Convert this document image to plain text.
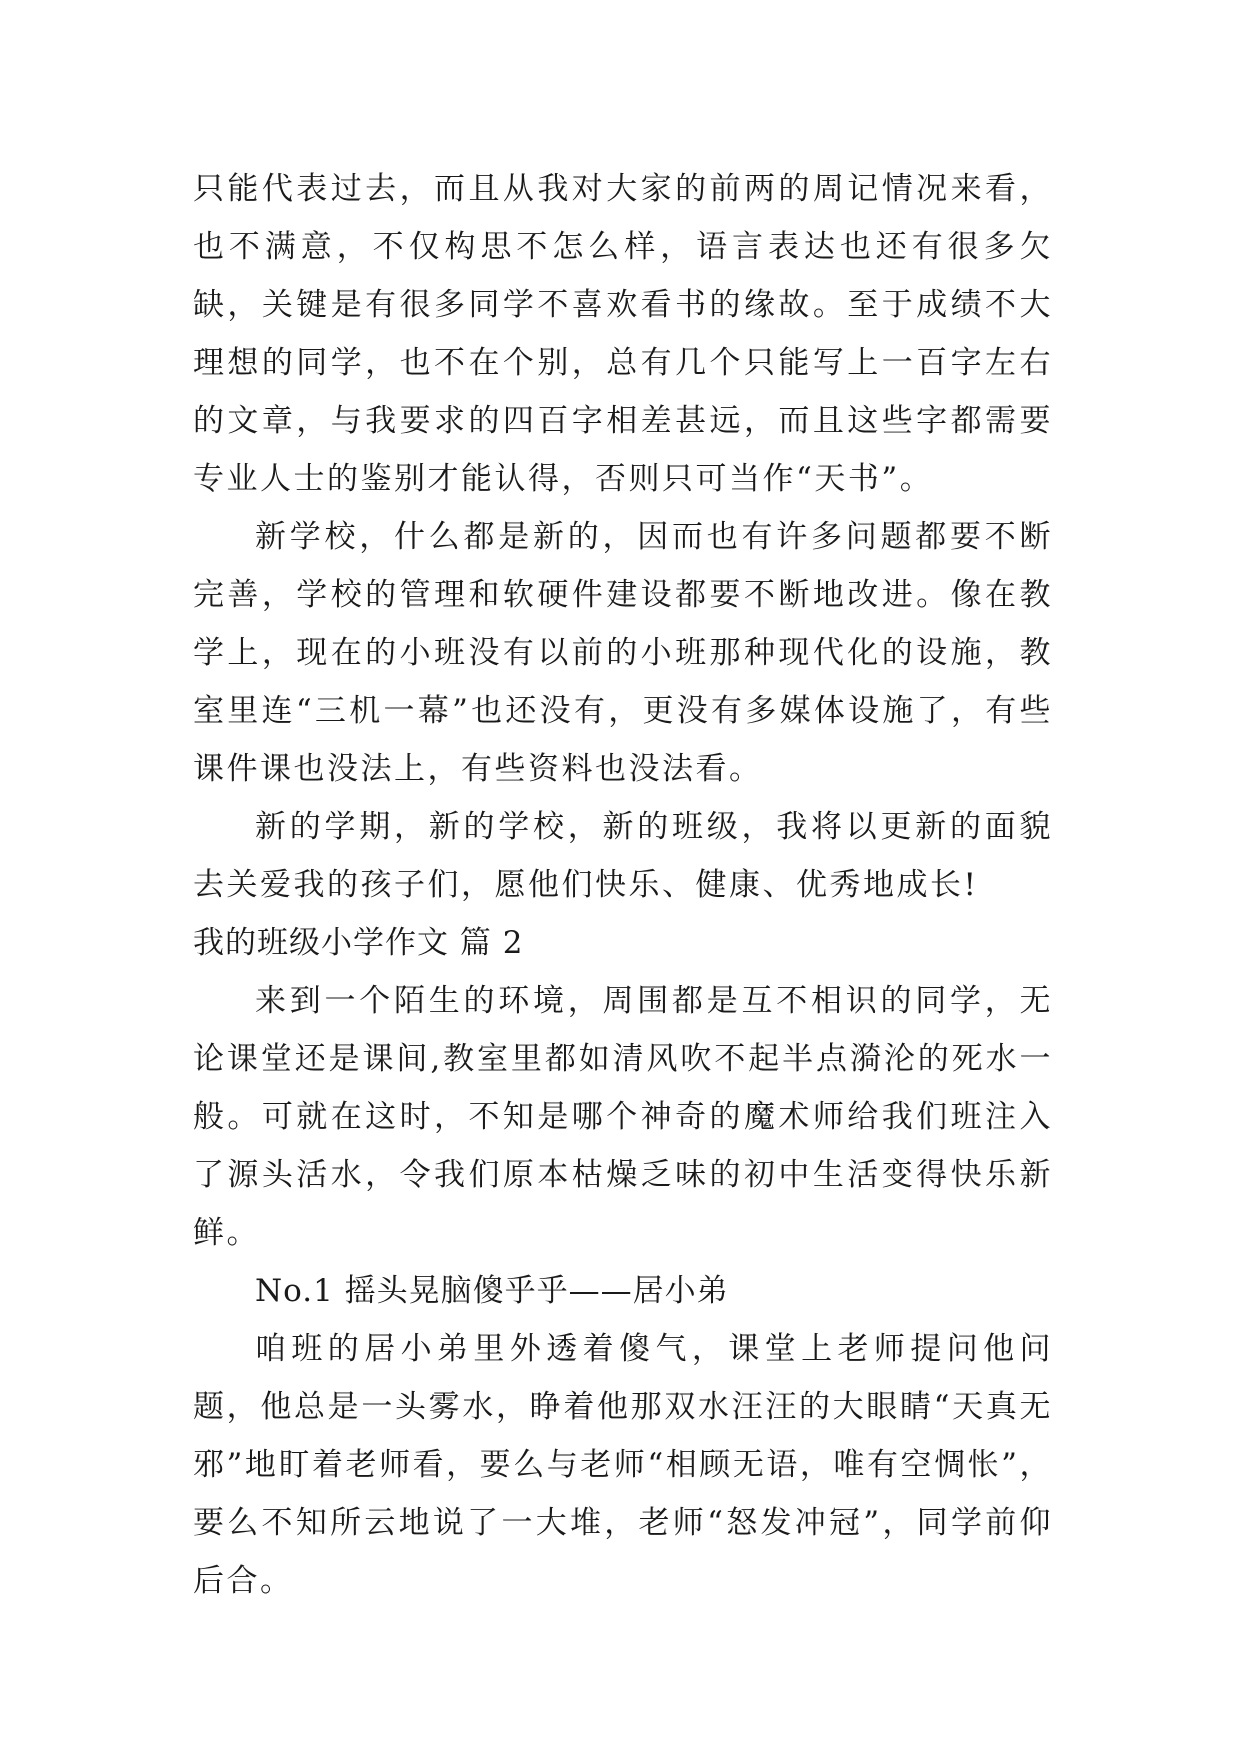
只能代表过去，而且从我对大家的前两的周记情况来看，也不满意，不仅构思不怎么样，语言表达也还有很多欠缺，关键是有很多同学不喜欢看书的缘故。至于成绩不大理想的同学，也不在个别，总有几个只能写上一百字左右的文章，与我要求的四百字相差甚远，而且这些字都需要专业人士的鉴别才能认得，否则只可当作“天书”。

新学校，什么都是新的，因而也有许多问题都要不断完善，学校的管理和软硬件建设都要不断地改进。像在教学上，现在的小班没有以前的小班那种现代化的设施，教室里连“三机一幕”也还没有，更没有多媒体设施了，有些课件课也没法上，有些资料也没法看。

新的学期，新的学校，新的班级，我将以更新的面貌去关爱我的孩子们，愿他们快乐、健康、优秀地成长!

我的班级小学作文 篇 2

来到一个陌生的环境，周围都是互不相识的同学，无论课堂还是课间,教室里都如清风吹不起半点漪沦的死水一般。可就在这时，不知是哪个神奇的魔术师给我们班注入了源头活水，令我们原本枯燥乏味的初中生活变得快乐新鲜。

No.1 摇头晃脑傻乎乎——居小弟

咱班的居小弟里外透着傻气，课堂上老师提问他问题，他总是一头雾水，睁着他那双水汪汪的大眼睛“天真无邪”地盯着老师看，要么与老师“相顾无语，唯有空惆怅”，要么不知所云地说了一大堆，老师“怒发冲冠”，同学前仰后合。
